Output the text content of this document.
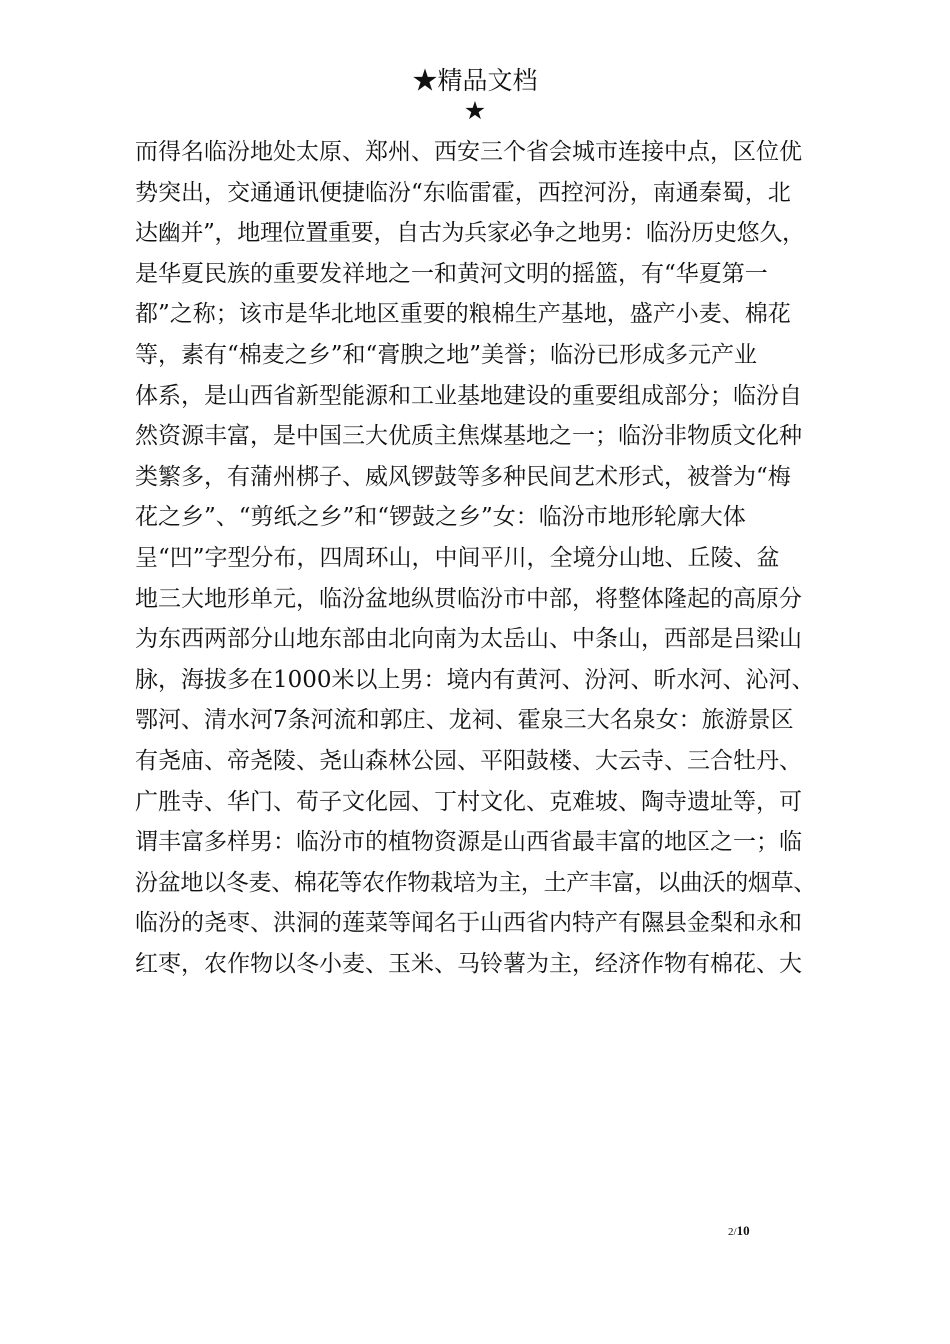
★精品文档
★
而得名临汾地处太原、郑州、西安三个省会城市连接中点，区位优
势突出，交通通讯便捷临汾“东临雷霍，西控河汾，南通秦蜀，北
达幽并”，地理位置重要，自古为兵家必争之地男：临汾历史悠久，
是华夏民族的重要发祥地之一和黄河文明的摇篮，有“华夏第一
都”之称；该市是华北地区重要的粮棉生产基地，盛产小麦、棉花
等，素有“棉麦之乡”和“膏腴之地”美誉；临汾已形成多元产业
体系，是山西省新型能源和工业基地建设的重要组成部分；临汾自
然资源丰富，是中国三大优质主焦煤基地之一；临汾非物质文化种
类繁多，有蒲州梆子、威风锣鼓等多种民间艺术形式，被誉为“梅
花之乡”、“剪纸之乡”和“锣鼓之乡”女：临汾市地形轮廓大体
呈“凹”字型分布，四周环山，中间平川，全境分山地、丘陵、盆
地三大地形单元，临汾盆地纵贯临汾市中部，将整体隆起的高原分
为东西两部分山地东部由北向南为太岳山、中条山，西部是吕梁山
脉，海拔多在1000米以上男：境内有黄河、汾河、昕水河、沁河、
鄂河、清水河7条河流和郭庄、龙祠、霍泉三大名泉女：旅游景区
有尧庙、帝尧陵、尧山森林公园、平阳鼓楼、大云寺、三合牡丹、
广胜寺、华门、荀子文化园、丁村文化、克难坡、陶寺遗址等，可
谓丰富多样男：临汾市的植物资源是山西省最丰富的地区之一；临
汾盆地以冬麦、棉花等农作物栽培为主，土产丰富，以曲沃的烟草、
临汾的尧枣、洪洞的莲菜等闻名于山西省内特产有隰县金梨和永和
红枣，农作物以冬小麦、玉米、马铃薯为主，经济作物有棉花、大
2/10
